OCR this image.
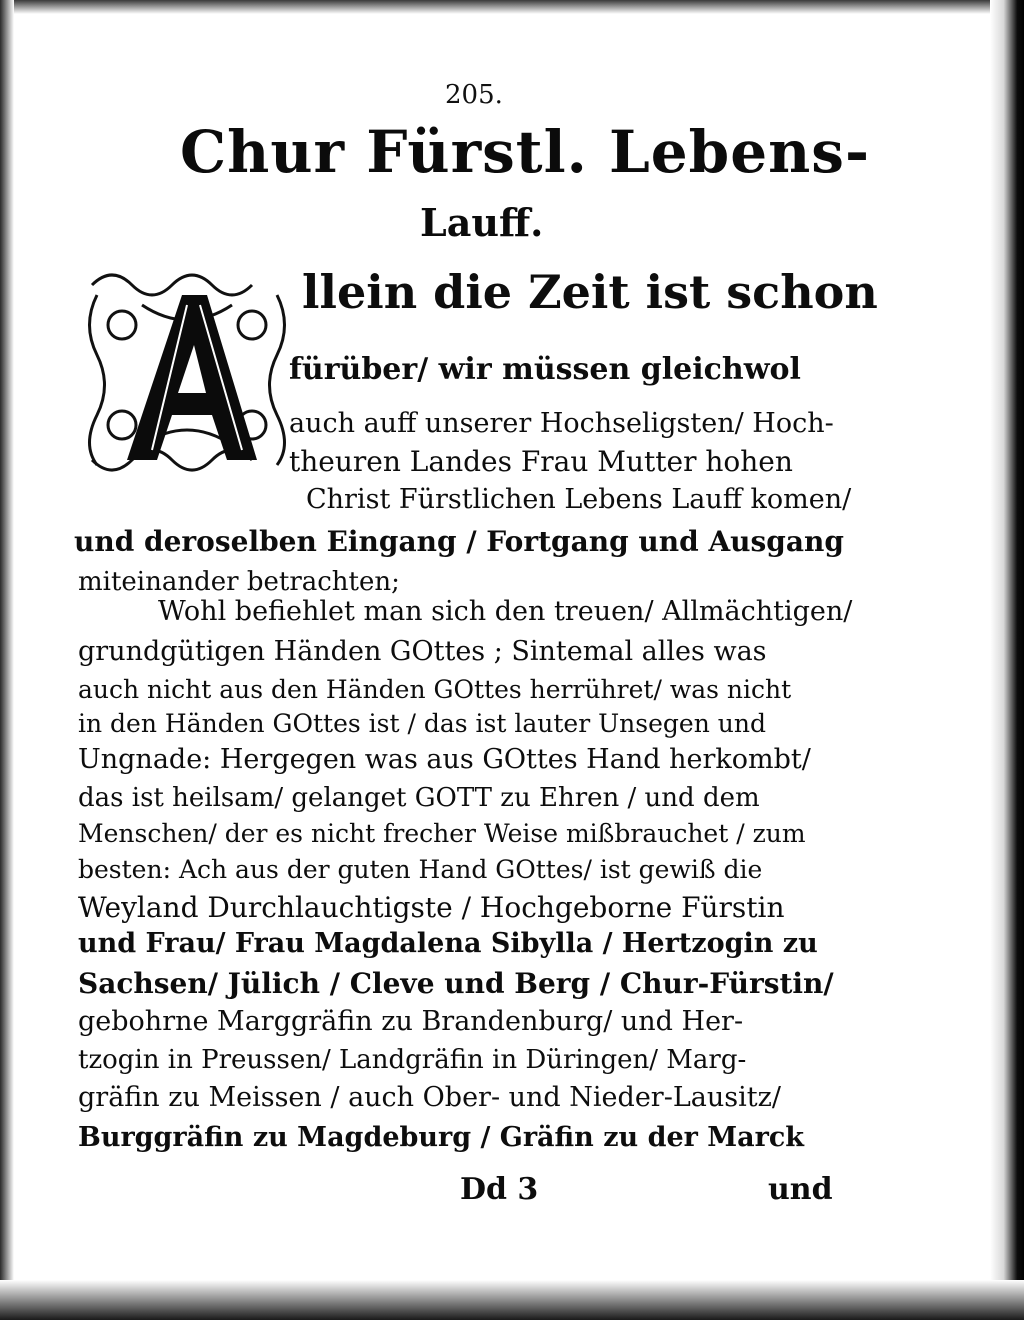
205.
Chur Fürstl. Lebens-
Lauff.
llein die Zeit ist schon
fürüber/ wir müssen gleichwol
auch auff unserer Hochseligsten/ Hoch-
theuren Landes Frau Mutter hohen
Christ Fürstlichen Lebens Lauff komen/
und deroselben Eingang / Fortgang und Ausgang
miteinander betrachten;
Wohl befiehlet man sich den treuen/ Allmächtigen/
grundgütigen Händen GOttes ; Sintemal alles was
auch nicht aus den Händen GOttes herrühret/ was nicht
in den Händen GOttes ist / das ist lauter Unsegen und
Ungnade: Hergegen was aus GOttes Hand herkombt/
das ist heilsam/ gelanget GOTT zu Ehren / und dem
Menschen/ der es nicht frecher Weise mißbrauchet / zum
besten: Ach aus der guten Hand GOttes/ ist gewiß die
Weyland Durchlauchtigste / Hochgeborne Fürstin
und Frau/ Frau Magdalena Sibylla / Hertzogin zu
Sachsen/ Jülich / Cleve und Berg / Chur-Fürstin/
gebohrne Marggräfin zu Brandenburg/ und Her-
tzogin in Preussen/ Landgräfin in Düringen/ Marg-
gräfin zu Meissen / auch Ober- und Nieder-Lausitz/
Burggräfin zu Magdeburg / Gräfin zu der Marck
Dd 3	und
